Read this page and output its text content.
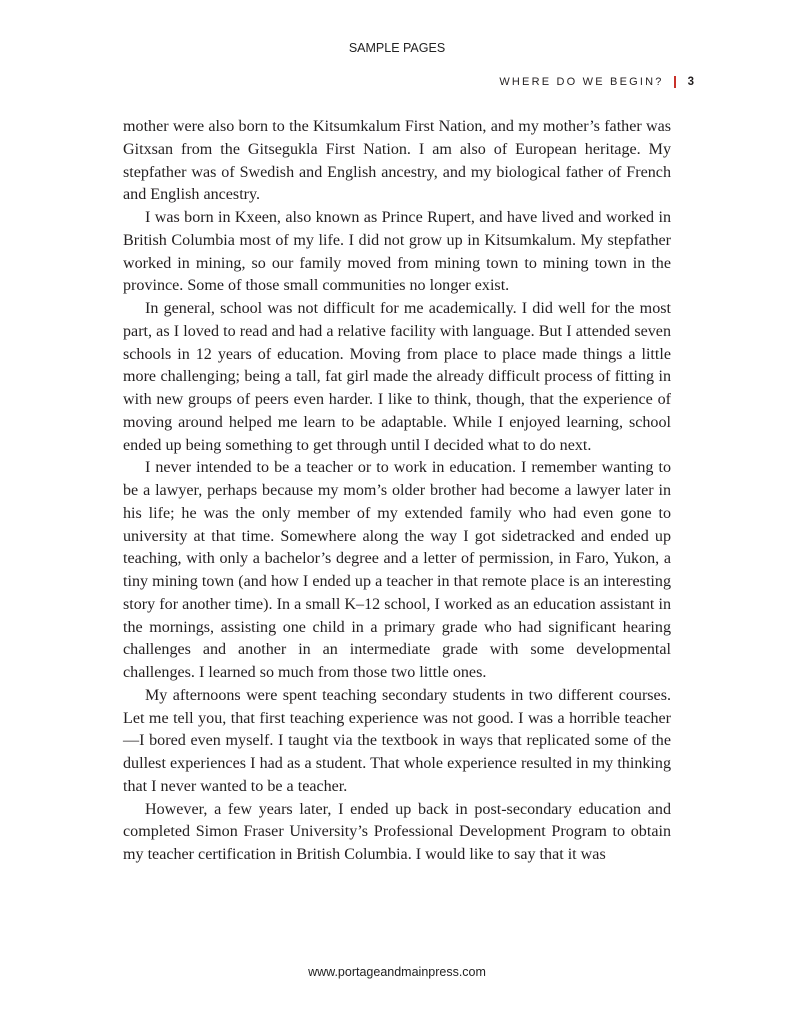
SAMPLE PAGES
WHERE DO WE BEGIN? 3

mother were also born to the Kitsumkalum First Nation, and my mother’s father was Gitxsan from the Gitsegukla First Nation. I am also of European heritage. My stepfather was of Swedish and English ancestry, and my biological father of French and English ancestry.

I was born in Kxeen, also known as Prince Rupert, and have lived and worked in British Columbia most of my life. I did not grow up in Kitsumkalum. My stepfather worked in mining, so our family moved from mining town to mining town in the province. Some of those small communities no longer exist.

In general, school was not difficult for me academically. I did well for the most part, as I loved to read and had a relative facility with language. But I attended seven schools in 12 years of education. Moving from place to place made things a little more challenging; being a tall, fat girl made the already difficult process of fitting in with new groups of peers even harder. I like to think, though, that the experience of moving around helped me learn to be adaptable. While I enjoyed learning, school ended up being something to get through until I decided what to do next.

I never intended to be a teacher or to work in education. I remember wanting to be a lawyer, perhaps because my mom’s older brother had become a lawyer later in his life; he was the only member of my extended family who had even gone to university at that time. Somewhere along the way I got sidetracked and ended up teaching, with only a bachelor’s degree and a letter of permission, in Faro, Yukon, a tiny mining town (and how I ended up a teacher in that remote place is an interesting story for another time). In a small K–12 school, I worked as an education assistant in the mornings, assisting one child in a primary grade who had significant hearing challenges and another in an intermediate grade with some developmental challenges. I learned so much from those two little ones.

My afternoons were spent teaching secondary students in two different courses. Let me tell you, that first teaching experience was not good. I was a horrible teacher—I bored even myself. I taught via the textbook in ways that replicated some of the dullest experiences I had as a student. That whole experience resulted in my thinking that I never wanted to be a teacher.

However, a few years later, I ended up back in post-secondary education and completed Simon Fraser University’s Professional Development Program to obtain my teacher certification in British Columbia. I would like to say that it was

www.portageandmainpress.com
